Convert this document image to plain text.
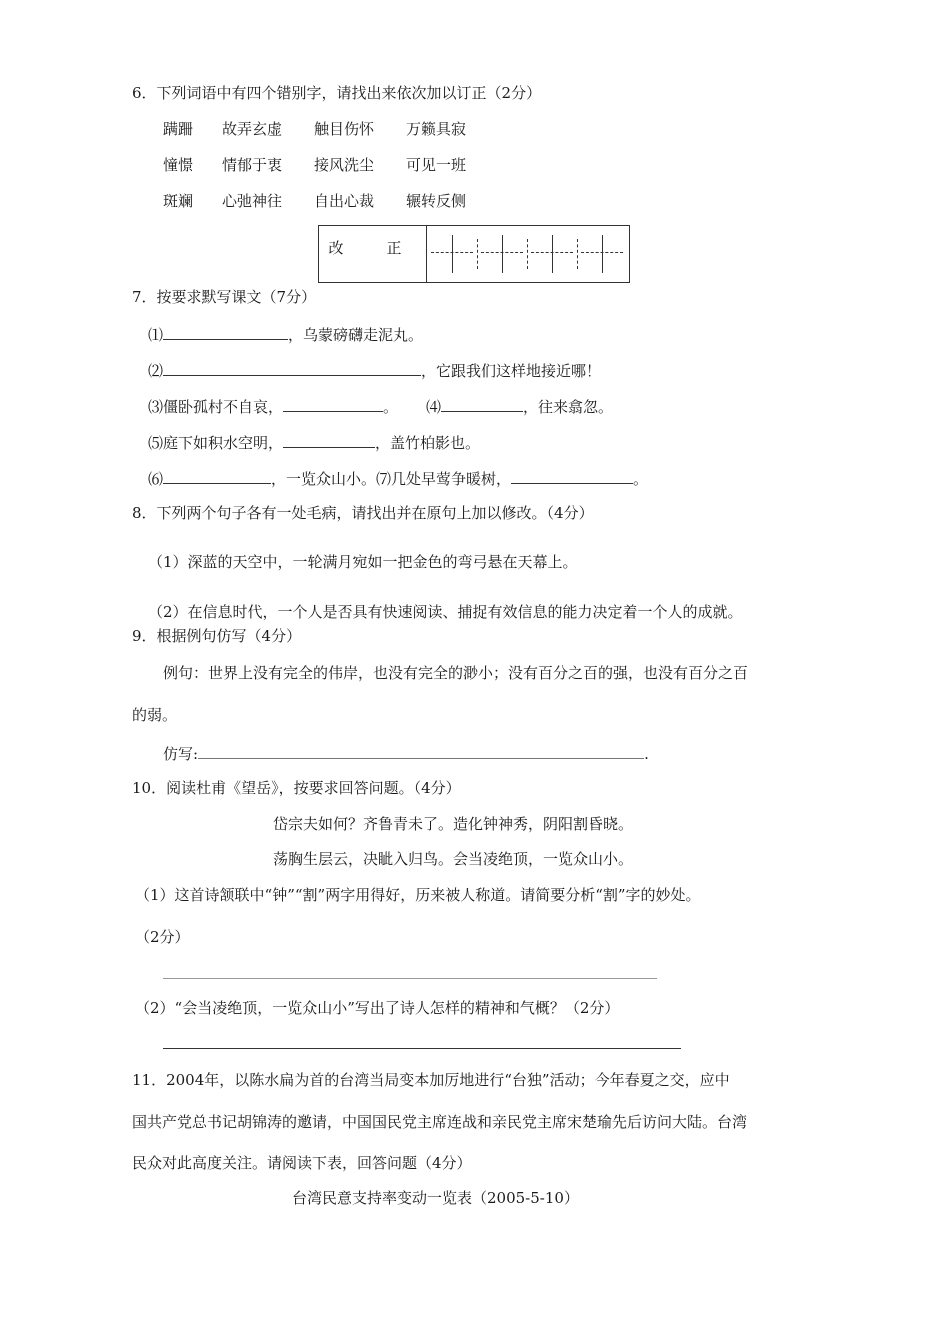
6．下列词语中有四个错别字，请找出来依次加以订正（2分）
蹒跚 故弄玄虚 触目伤怀 万籁具寂
憧憬 情郁于衷 接风洗尘 可见一班
斑斓 心弛神往 自出心裁 辗转反侧
改　正
7．按要求默写课文（7分）
⑴	，乌蒙磅礴走泥丸。
⑵	，它跟我们这样地接近哪！
⑶僵卧孤村不自哀，	。 ⑷	，往来翕忽。
⑸庭下如积水空明，	，盖竹柏影也。
⑹	，一览众山小。⑺几处早莺争暖树，	。
8．下列两个句子各有一处毛病，请找出并在原句上加以修改。（4分）
（1）深蓝的天空中，一轮满月宛如一把金色的弯弓悬在天幕上。
（2）在信息时代，一个人是否具有快速阅读、捕捉有效信息的能力决定着一个人的成就。
9．根据例句仿写（4分）
例句：世界上没有完全的伟岸，也没有完全的渺小；没有百分之百的强，也没有百分之百
的弱。
仿写:	.
10．阅读杜甫《望岳》，按要求回答问题。（4分）
岱宗夫如何？齐鲁青未了。造化钟神秀，阴阳割昏晓。
荡胸生层云，决眦入归鸟。会当凌绝顶，一览众山小。
（1）这首诗颔联中“钟”“割”两字用得好，历来被人称道。请简要分析“割”字的妙处。
（2分）
（2）“会当凌绝顶，一览众山小”写出了诗人怎样的精神和气概？（2分）
11．2004年，以陈水扁为首的台湾当局变本加厉地进行“台独”活动；今年春夏之交，应中
国共产党总书记胡锦涛的邀请，中国国民党主席连战和亲民党主席宋楚瑜先后访问大陆。台湾
民众对此高度关注。请阅读下表，回答问题（4分）
台湾民意支持率变动一览表（2005-5-10）
